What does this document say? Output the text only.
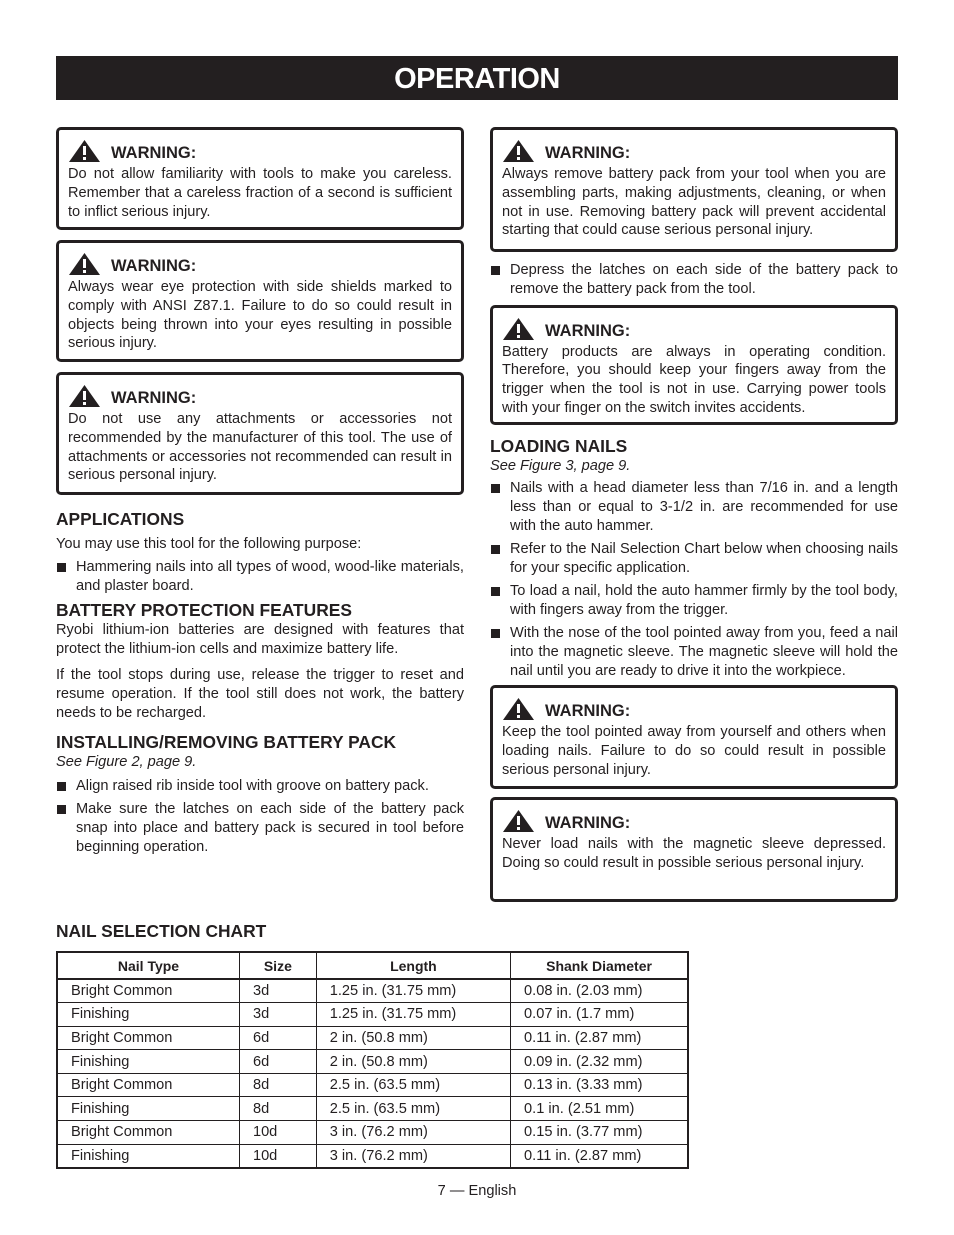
OPERATION
WARNING:
Do not allow familiarity with tools to make you careless. Remember that a careless fraction of a second is sufficient to inflict serious injury.
WARNING:
Always wear eye protection with side shields marked to comply with ANSI Z87.1. Failure to do so could result in objects being thrown into your eyes resulting in possible serious injury.
WARNING:
Do not use any attachments or accessories not recommended by the manufacturer of this tool. The use of attachments or accessories not recommended can result in serious personal injury.
APPLICATIONS
You may use this tool for the following purpose:
Hammering nails into all types of wood, wood-like materials, and plaster board.
BATTERY PROTECTION FEATURES
Ryobi lithium-ion batteries are designed with features that protect the lithium-ion cells and maximize battery life.
If the tool stops during use, release the trigger to reset and resume operation. If the tool still does not work, the battery needs to be recharged.
INSTALLING/REMOVING BATTERY PACK
See Figure 2, page 9.
Align raised rib inside tool with groove on battery pack.
Make sure the latches on each side of the battery pack snap into place and battery pack is secured in tool before beginning operation.
WARNING:
Always remove battery pack from your tool when you are assembling parts, making adjustments, cleaning, or when not in use. Removing battery pack will prevent accidental starting that could cause serious personal injury.
Depress the latches on each side of the battery pack to remove the battery pack from the tool.
WARNING:
Battery products are always in operating condition. Therefore, you should keep your fingers away from the trigger when the tool is not in use. Carrying power tools with your finger on the switch invites accidents.
LOADING NAILS
See Figure 3, page 9.
Nails with a head diameter less than 7/16 in. and a length less than or equal to 3-1/2 in. are recommended for use with the auto hammer.
Refer to the Nail Selection Chart below when choosing nails for your specific application.
To load a nail, hold the auto hammer firmly by the tool body, with fingers away from the trigger.
With the nose of the tool pointed away from you, feed a nail into the magnetic sleeve. The magnetic sleeve will hold the nail until you are ready to drive it into the workpiece.
WARNING:
Keep the tool pointed away from yourself and others when loading nails. Failure to do so could result in possible serious personal injury.
WARNING:
Never load nails with the magnetic sleeve depressed. Doing so could result in possible serious personal injury.
NAIL SELECTION CHART
Nail Type	Size	Length	Shank Diameter
Bright Common	3d	1.25 in. (31.75 mm)	0.08 in. (2.03 mm)
Finishing	3d	1.25 in. (31.75 mm)	0.07 in. (1.7 mm)
Bright Common	6d	2 in. (50.8 mm)	0.11 in. (2.87 mm)
Finishing	6d	2 in. (50.8 mm)	0.09 in. (2.32 mm)
Bright Common	8d	2.5 in. (63.5 mm)	0.13 in. (3.33 mm)
Finishing	8d	2.5 in. (63.5 mm)	0.1 in. (2.51 mm)
Bright Common	10d	3 in. (76.2 mm)	0.15 in. (3.77 mm)
Finishing	10d	3 in. (76.2 mm)	0.11 in. (2.87 mm)
7 — English
